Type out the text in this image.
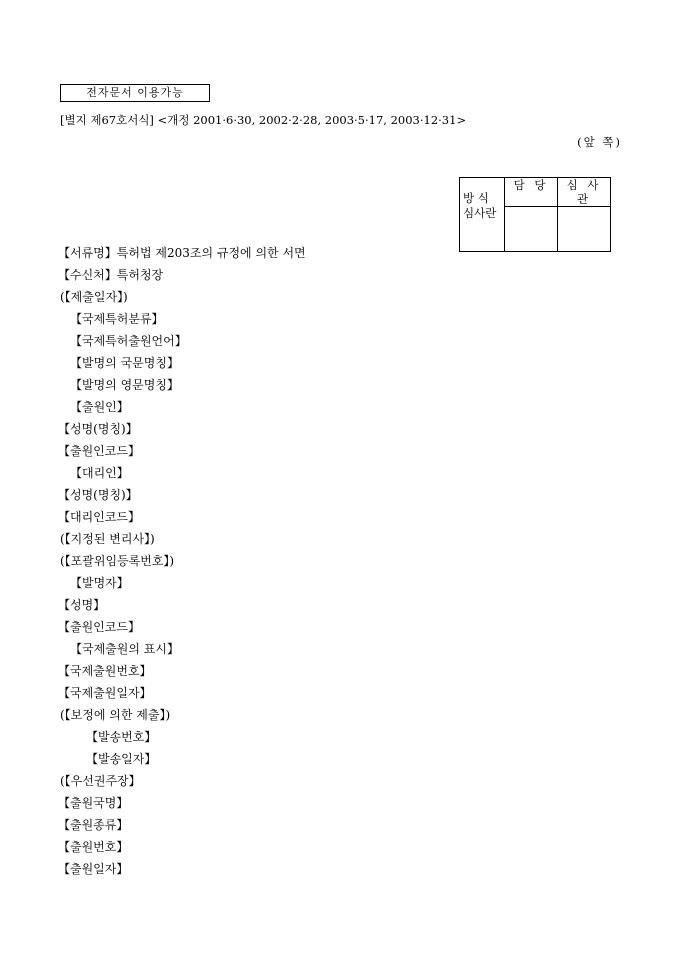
전자문서 이용가능
[별지 제67호서식] <개정 2001·6·30, 2002·2·28, 2003·5·17, 2003·12·31>
(앞 쪽)
방 식
심사란	담 당	심 사 관

【서류명】특허법 제203조의 규정에 의한 서면
【수신처】특허청장
(【제출일자】)
【국제특허분류】
【국제특허출원언어】
【발명의 국문명칭】
【발명의 영문명칭】
【출원인】
【성명(명칭)】
【출원인코드】
【대리인】
【성명(명칭)】
【대리인코드】
(【지정된 변리사】)
(【포괄위임등록번호】)
【발명자】
【성명】
【출원인코드】
【국제출원의 표시】
【국제출원번호】
【국제출원일자】
(【보정에 의한 제출】)
【발송번호】
【발송일자】
(【우선권주장】
【출원국명】
【출원종류】
【출원번호】
【출원일자】
